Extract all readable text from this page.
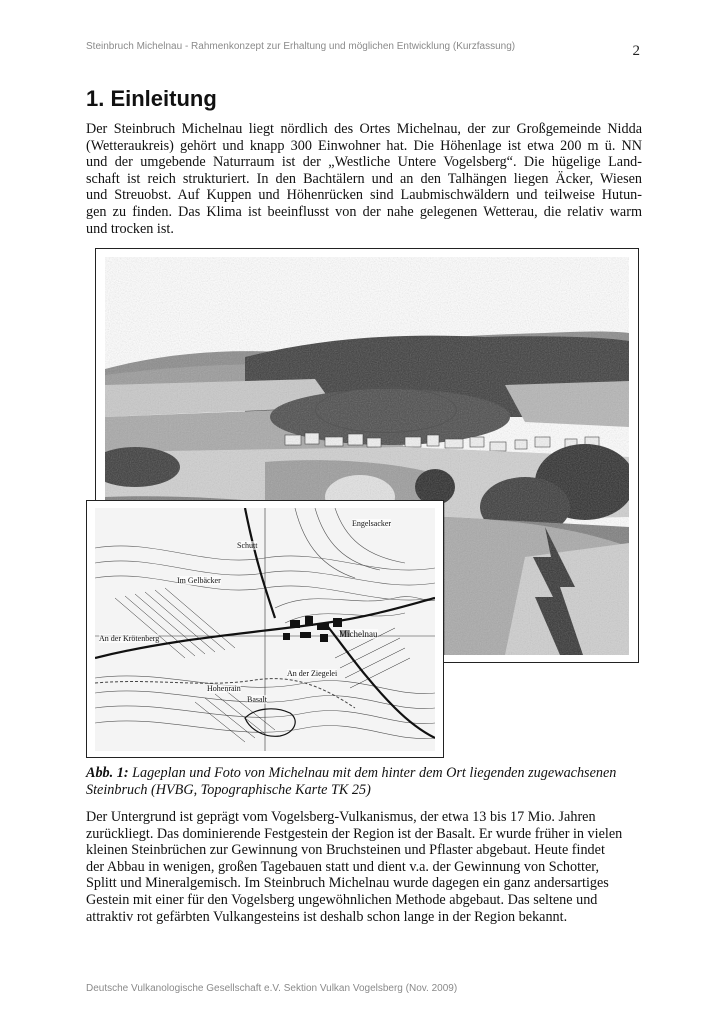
Steinbruch Michelnau - Rahmenkonzept zur Erhaltung und möglichen Entwicklung (Kurzfassung)	2
1. Einleitung
Der Steinbruch Michelnau liegt nördlich des Ortes Michelnau, der zur Großgemeinde Nidda
(Wetteraukreis) gehört und knapp 300 Einwohner hat. Die Höhenlage ist etwa 200 m ü. NN
und der umgebende Naturraum ist der „Westliche Untere Vogelsberg“. Die hügelige Land-
schaft ist reich strukturiert. In den Bachtälern und an den Talhängen liegen Äcker, Wiesen
und Streuobst. Auf Kuppen und Höhenrücken sind Laubmischwäldern und teilweise Hutun-
gen zu finden. Das Klima ist beeinflusst von der nahe gelegenen Wetterau, die relativ warm
und trocken ist.
Michelnau
An der Krötenberg
Basalt
Hohenrain
Schutt
Engelsacker
Im Gelbäcker
An der Ziegelei
Abb. 1: Lageplan und Foto von Michelnau mit dem hinter dem Ort liegenden zugewachsenen Steinbruch (HVBG, Topographische Karte TK 25)
Der Untergrund ist geprägt vom Vogelsberg-Vulkanismus, der etwa 13 bis 17 Mio. Jahren
zurückliegt. Das dominierende Festgestein der Region ist der Basalt. Er wurde früher in vielen
kleinen Steinbrüchen zur Gewinnung von Bruchsteinen und Pflaster abgebaut. Heute findet
der Abbau in wenigen, großen Tagebauen statt und dient v.a. der Gewinnung von Schotter,
Splitt und Mineralgemisch. Im Steinbruch Michelnau wurde dagegen ein ganz andersartiges
Gestein mit einer für den Vogelsberg ungewöhnlichen Methode abgebaut. Das seltene und
attraktiv rot gefärbten Vulkangesteins ist deshalb schon lange in der Region bekannt.
Deutsche Vulkanologische Gesellschaft e.V. Sektion Vulkan Vogelsberg (Nov. 2009)
